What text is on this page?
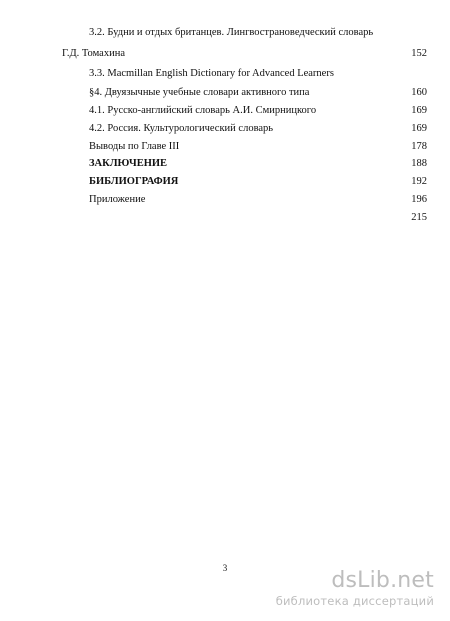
3.2. Будни и отдых британцев. Лингвострановедческий словарь
Г.Д. Томахина	152
3.3. Macmillan English Dictionary for Advanced Learners
§4. Двуязычные учебные словари активного типа	160
4.1. Русско-английский словарь А.И. Смирницкого	169
4.2. Россия. Культурологический словарь	169
Выводы по Главе III	178
ЗАКЛЮЧЕНИЕ	188
БИБЛИОГРАФИЯ	192
Приложение	196
215
3	dsLib.net
библиотека диссертаций
